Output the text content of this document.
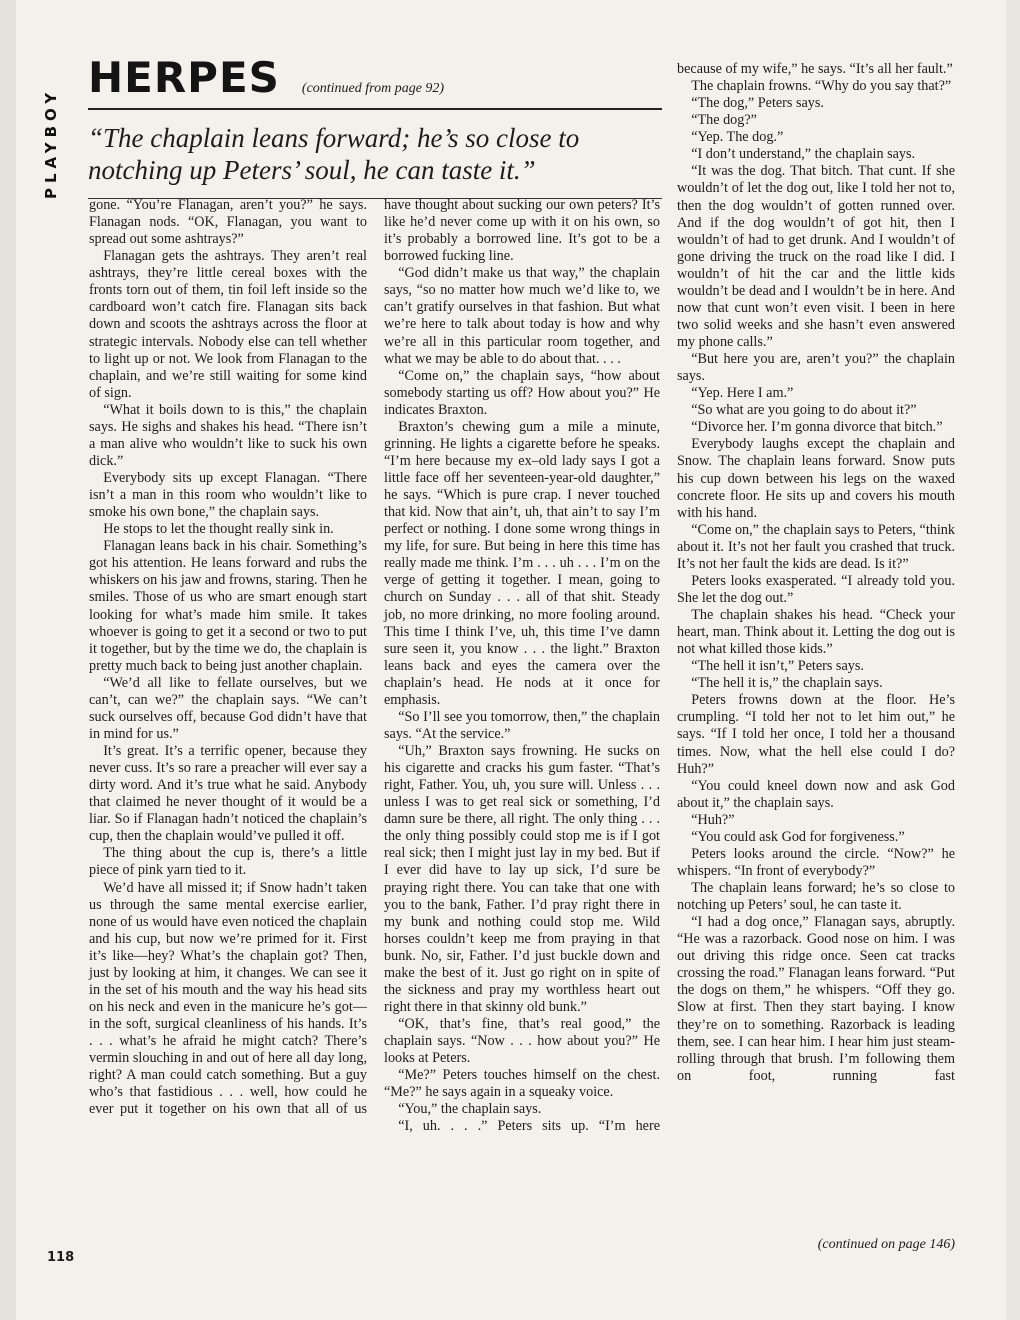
PLAYBOY
HERPES (continued from page 92)
“The chaplain leans forward; he’s so close to notching up Peters’ soul, he can taste it.”

gone. “You’re Flanagan, aren’t you?” he says. Flanagan nods. “OK, Flanagan, you want to spread out some ashtrays?”

Flanagan gets the ashtrays. They aren’t real ashtrays, they’re little cereal boxes with the fronts torn out of them, tin foil left inside so the cardboard won’t catch fire. Flanagan sits back down and scoots the ashtrays across the floor at strategic intervals. Nobody else can tell whether to light up or not. We look from Flanagan to the chaplain, and we’re still waiting for some kind of sign.

“What it boils down to is this,” the chaplain says. He sighs and shakes his head. “There isn’t a man alive who wouldn’t like to suck his own dick.”

Everybody sits up except Flanagan. “There isn’t a man in this room who wouldn’t like to smoke his own bone,” the chaplain says.

He stops to let the thought really sink in.

Flanagan leans back in his chair. Something’s got his attention. He leans forward and rubs the whiskers on his jaw and frowns, staring. Then he smiles. Those of us who are smart enough start looking for what’s made him smile. It takes whoever is going to get it a second or two to put it together, but by the time we do, the chaplain is pretty much back to being just another chaplain.

“We’d all like to fellate ourselves, but we can’t, can we?” the chaplain says. “We can’t suck ourselves off, because God didn’t have that in mind for us.”

It’s great. It’s a terrific opener, because they never cuss. It’s so rare a preacher will ever say a dirty word. And it’s true what he said. Anybody that claimed he never thought of it would be a liar. So if Flanagan hadn’t noticed the chaplain’s cup, then the chaplain would’ve pulled it off.

The thing about the cup is, there’s a little piece of pink yarn tied to it.

We’d have all missed it; if Snow hadn’t taken us through the same mental exercise earlier, none of us would have even noticed the chaplain and his cup, but now we’re primed for it. First it’s like—hey? What’s the chaplain got? Then, just by looking at him, it changes. We can see it in the set of his mouth and the way his head sits on his neck and even in the manicure he’s got—in the soft, surgical cleanliness of his hands. It’s . . . what’s he afraid he might catch? There’s vermin slouching in and out of here all day long, right? A man could catch something. But a guy who’s that fastidious . . . well, how could he ever put it together on his own that all of us

have thought about sucking our own peters? It’s like he’d never come up with it on his own, so it’s probably a borrowed line. It’s got to be a borrowed fucking line.

“God didn’t make us that way,” the chaplain says, “so no matter how much we’d like to, we can’t gratify ourselves in that fashion. But what we’re here to talk about today is how and why we’re all in this particular room together, and what we may be able to do about that. . . .

“Come on,” the chaplain says, “how about somebody starting us off? How about you?” He indicates Braxton.

Braxton’s chewing gum a mile a minute, grinning. He lights a cigarette before he speaks. “I’m here because my ex–old lady says I got a little face off her seventeen-year-old daughter,” he says. “Which is pure crap. I never touched that kid. Now that ain’t, uh, that ain’t to say I’m perfect or nothing. I done some wrong things in my life, for sure. But being in here this time has really made me think. I’m . . . uh . . . I’m on the verge of getting it together. I mean, going to church on Sunday . . . all of that shit. Steady job, no more drinking, no more fooling around. This time I think I’ve, uh, this time I’ve damn sure seen it, you know . . . the light.” Braxton leans back and eyes the camera over the chaplain’s head. He nods at it once for emphasis.

“So I’ll see you tomorrow, then,” the chaplain says. “At the service.”

“Uh,” Braxton says frowning. He sucks on his cigarette and cracks his gum faster. “That’s right, Father. You, uh, you sure will. Unless . . . unless I was to get real sick or something, I’d damn sure be there, all right. The only thing . . . the only thing possibly could stop me is if I got real sick; then I might just lay in my bed. But if I ever did have to lay up sick, I’d sure be praying right there. You can take that one with you to the bank, Father. I’d pray right there in my bunk and nothing could stop me. Wild horses couldn’t keep me from praying in that bunk. No, sir, Father. I’d just buckle down and make the best of it. Just go right on in spite of the sickness and pray my worthless heart out right there in that skinny old bunk.”

“OK, that’s fine, that’s real good,” the chaplain says. “Now . . . how about you?” He looks at Peters.

“Me?” Peters touches himself on the chest. “Me?” he says again in a squeaky voice.

“You,” the chaplain says.

“I, uh. . . .” Peters sits up. “I’m here

because of my wife,” he says. “It’s all her fault.”

The chaplain frowns. “Why do you say that?”

“The dog,” Peters says.

“The dog?”

“Yep. The dog.”

“I don’t understand,” the chaplain says.

“It was the dog. That bitch. That cunt. If she wouldn’t of let the dog out, like I told her not to, then the dog wouldn’t of gotten runned over. And if the dog wouldn’t of got hit, then I wouldn’t of had to get drunk. And I wouldn’t of gone driving the truck on the road like I did. I wouldn’t of hit the car and the little kids wouldn’t be dead and I wouldn’t be in here. And now that cunt won’t even visit. I been in here two solid weeks and she hasn’t even answered my phone calls.”

“But here you are, aren’t you?” the chaplain says.

“Yep. Here I am.”

“So what are you going to do about it?”

“Divorce her. I’m gonna divorce that bitch.”

Everybody laughs except the chaplain and Snow. The chaplain leans forward. Snow puts his cup down between his legs on the waxed concrete floor. He sits up and covers his mouth with his hand.

“Come on,” the chaplain says to Peters, “think about it. It’s not her fault you crashed that truck. It’s not her fault the kids are dead. Is it?”

Peters looks exasperated. “I already told you. She let the dog out.”

The chaplain shakes his head. “Check your heart, man. Think about it. Letting the dog out is not what killed those kids.”

“The hell it isn’t,” Peters says.

“The hell it is,” the chaplain says.

Peters frowns down at the floor. He’s crumpling. “I told her not to let him out,” he says. “If I told her once, I told her a thousand times. Now, what the hell else could I do? Huh?”

“You could kneel down now and ask God about it,” the chaplain says.

“Huh?”

“You could ask God for forgiveness.”

Peters looks around the circle. “Now?” he whispers. “In front of everybody?”

The chaplain leans forward; he’s so close to notching up Peters’ soul, he can taste it.

“I had a dog once,” Flanagan says, abruptly. “He was a razorback. Good nose on him. I was out driving this ridge once. Seen cat tracks crossing the road.” Flanagan leans forward. “Put the dogs on them,” he whispers. “Off they go. Slow at first. Then they start baying. I know they’re on to something. Razorback is leading them, see. I can hear him. I hear him just steam-rolling through that brush. I’m following them on foot, running fast

(continued on page 146)
118
